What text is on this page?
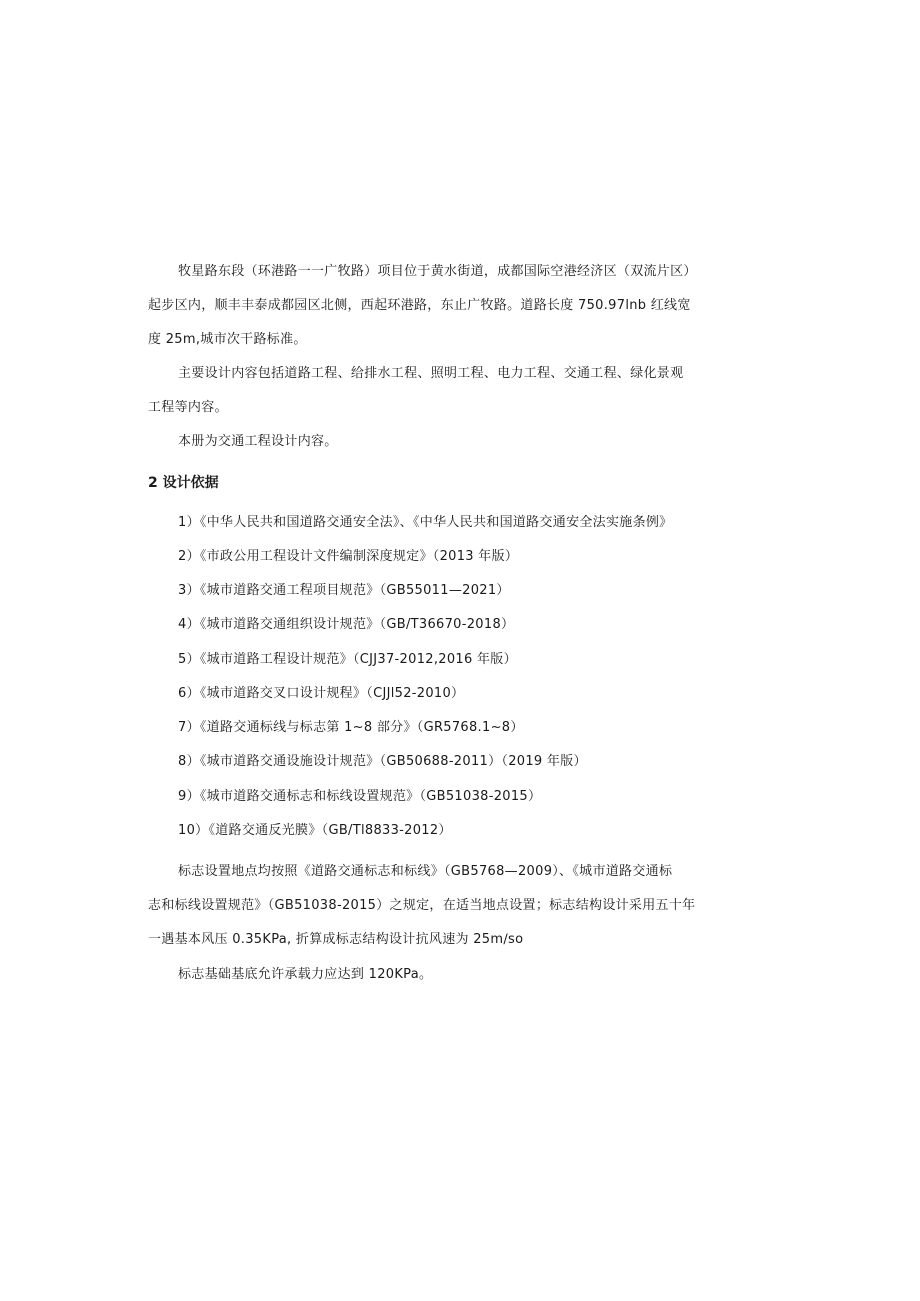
牧星路东段（环港路一一广牧路）项目位于黄水街道，成都国际空港经济区（双流片区）
起步区内，顺丰丰泰成都园区北侧，西起环港路，东止广牧路。道路长度 750.97lnb 红线宽
度 25m,城市次干路标准。
主要设计内容包括道路工程、给排水工程、照明工程、电力工程、交通工程、绿化景观
工程等内容。
本册为交通工程设计内容。
2 设计依据
1）《中华人民共和国道路交通安全法》、《中华人民共和国道路交通安全法实施条例》
2）《市政公用工程设计文件编制深度规定》（2013 年版）
3）《城市道路交通工程项目规范》（GB55011—2021）
4）《城市道路交通组织设计规范》（GB/T36670-2018）
5）《城市道路工程设计规范》（CJJ37-2012,2016 年版）
6）《城市道路交叉口设计规程》（CJJl52-2010）
7）《道路交通标线与标志第 1~8 部分》（GR5768.1~8）
8）《城市道路交通设施设计规范》（GB50688-2011）（2019 年版）
9）《城市道路交通标志和标线设置规范》（GB51038-2015）
10）《道路交通反光膜》（GB/Tl8833-2012）
标志设置地点均按照《道路交通标志和标线》（GB5768—2009）、《城市道路交通标
志和标线设置规范》（GB51038-2015）之规定，在适当地点设置；标志结构设计采用五十年
一遇基本风压 0.35KPa, 折算成标志结构设计抗风速为 25m∕so
标志基础基底允许承载力应达到 120KPa。
